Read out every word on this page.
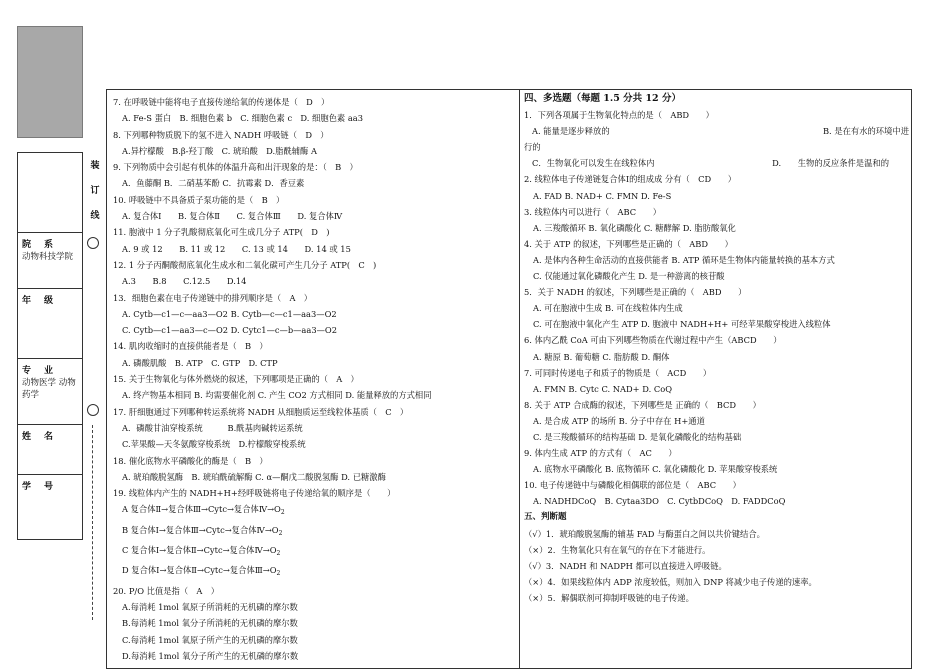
院　系
动物科技学院
年　级
专　业
动物医学 动物药学
姓　名
学　号
装
订
线
7. 在呼吸链中能将电子直接传递给氧的传递体是（　D　）
A. Fe-S 蛋白　B. 细胞色素 b　C. 细胞色素 c　D. 细胞色素 aa3
8. 下列哪种物质脱下的氢不进入 NADH 呼吸链（　D　）
A.异柠檬酸　B.β-羟丁酸　C. 琥珀酸　D.脂酰辅酶 A
9. 下列物质中会引起有机体的体温升高和出汗现象的是：（　B　）
A．鱼藤酮 B．二硝基苯酚 C．抗霉素 D．香豆素
10. 呼吸链中不具备质子泵功能的是（　B　）
A. 复合体Ⅰ　　B. 复合体Ⅱ　　C. 复合体Ⅲ　　D. 复合体Ⅳ
11. 胞液中 1 分子乳酸彻底氧化可生成几分子 ATP(　D　)
A. 9 或 12　　B. 11 或 12　　C. 13 或 14　　D. 14 或 15
12. 1 分子丙酮酸彻底氧化生成水和二氧化碳可产生几分子 ATP(　C　)
A.3　　B.8　　C.12.5　　D.14
13．细胞色素在电子传递链中的排列顺序是（　A　）
A. Cytb—c1—c—aa3—O2 B. Cytb—c—c1—aa3—O2
C. Cytb—c1—aa3—c—O2 D. Cytc1—c—b—aa3—O2
14. 肌肉收缩时的直接供能者是（　B　）
A. 磷酸肌酸　B. ATP　C. GTP　D. CTP
15. 关于生物氧化与体外燃烧的叙述，下列哪项是正确的（　A　）
A. 终产物基本相同 B. 均需要催化剂 C. 产生 CO2 方式相同 D. 能量释放的方式相同
17. 肝细胞通过下列哪种转运系统将 NADH 从细胞质运至线粒体基质（　C　）
A．磷酸甘油穿梭系统　　　B.酰基肉碱转运系统
C.苹果酸—天冬氨酸穿梭系统　D.柠檬酸穿梭系统
18. 催化底物水平磷酸化的酶是（　B　）
A. 琥珀酸脱氢酶　B. 琥珀酰硫解酶 C. α—酮戊二酸脱氢酶 D. 已糖激酶
19. 线粒体内产生的 NADH+H+经呼吸链将电子传递给氧的顺序是（　　）
A 复合体Ⅱ→复合体Ⅲ→Cytc→复合体$Ⅳ\to O_2$
B 复合体Ⅰ→复合体Ⅲ→Cytc→复合体$Ⅳ\to O_2$
C 复合体Ⅰ→复合体Ⅱ→Cytc→复合体$Ⅳ\to O_2$
D 复合体Ⅰ→复合体Ⅱ→Cytc→复合体$Ⅲ\to O_2$
20. P/O 比值是指（　A　）
A.每消耗 1mol 氧原子所消耗的无机磷的摩尔数
B.每消耗 1mol 氧分子所消耗的无机磷的摩尔数
C.每消耗 1mol 氧原子所产生的无机磷的摩尔数
D.每消耗 1mol 氧分子所产生的无机磷的摩尔数
四、多选题（每题 1.5 分共 12 分）
1．下列各项属于生物氧化特点的是（　ABD　　）
A. 能量是逐步释放的	B. 是在有水的环境中进
行的
C．生物氧化可以发生在线粒体内	D.　　生物的反应条件是温和的
2. 线粒体电子传递链复合体Ⅰ的组成成 分有（　CD　　）
A. FAD B. NAD+ C. FMN D. Fe-S
3. 线粒体内可以进行（　ABC　　）
A. 三羧酸循环 B. 氧化磷酸化 C. 糖酵解 D. 脂肪酸氧化
4. 关于 ATP 的叙述，下列哪些是正确的（　ABD　　）
A. 是体内各种生命活动的直接供能者 B. ATP 循环是生物体内能量转换的基本方式
C. 仅能通过氧化磷酸化产生 D. 是一种游离的核苷酸
5．关于 NADH 的叙述，下列哪些是正确的（　ABD　　）
A. 可在胞液中生成 B. 可在线粒体内生成
C. 可在胞液中氧化产生 ATP D. 胞液中 NADH+H+ 可经苹果酸穿梭进入线粒体
6. 体内乙酰 CoA 可由下列哪些物质在代谢过程中产生（ABCD　　）
A. 糖原 B. 葡萄糖 C. 脂肪酸 D. 酮体
7. 可同时传递电子和质子的物质是（　ACD　　）
A. FMN B. Cytc C. NAD+ D. CoQ
8. 关于 ATP 合成酶的叙述，下列哪些是 正确的（　BCD　　）
A. 是合成 ATP 的场所 B. 分子中存在 H+通道
C. 是三羧酸循环的结构基础 D. 是氧化磷酸化的结构基础
9. 体内生成 ATP 的方式有（　AC　　）
A. 底物水平磷酸化 B. 底物循环 C. 氧化磷酸化 D. 苹果酸穿梭系统
10. 电子传递链中与磷酸化相偶联的部位是（　ABC　　）
A. NADHDCoQ　B. Cytaa3DO　C. CytbDCoQ　D. FADDCoQ
五、判断题
（√）1．琥珀酸脱氢酶的辅基 FAD 与酶蛋白之间以共价键结合。
（×）2．生物氧化只有在氧气的存在下才能进行。
（√）3．NADH 和 NADPH 都可以直接进入呼吸链。
（×）4．如果线粒体内 ADP 浓度较低，则加入 DNP 将减少电子传递的速率。
（×）5．解偶联剂可抑制呼吸链的电子传递。
